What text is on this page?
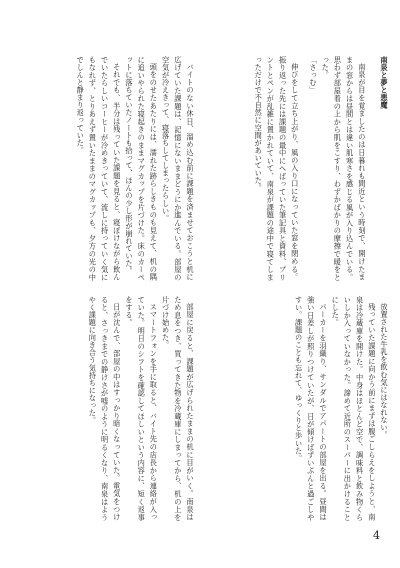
南泉と夢と悪魔
南泉が目を覚ましたのは日暮れも間近という時刻で、開けたままの窓からは昼間とは違い肌寒さを感じる風が入り込んでいる。思わず部屋着の上から肌をこすり、わずかばかりの摩擦で暖をとった。
「さっむ」
伸びをして立ち上がり、風の入り口になっていた窓を閉める。振り返った先には課題の最中にへばっていた筆記具と資料、プリントとペンが乱雑に置かれていて、南泉が課題の途中で寝てしまっただけで不自然に空間があいていた。
バイトのない休日、溜め込む前に課題を済ませておこうと机に広げていた課題は、記憶にないままどうにか進んでいる。部屋の空気が冷えきって、寝落ちしてしまったらしい。
頭をのせたあたりには、濡れた跡らしきものも見えて、机の隅に追いやられた寝起きのままマグカップを片づけた。床のカーペットに落ちていたノートも拾って、ほんの少し形が崩れていた。
それでも、半分は残っていた課題を見ると、寝ぼけながら飲んでいたらしいコーヒーが冷めきっていて、流しに持っていく気にもなれず、とりあえず置いたままのマグカップも、夕方の光の中でしんと静まり返っていた。
放置された牛乳を飲む気にはなれない。
残っていた課題に向かう前にまずは腹ごしらえをしようと、南泉は冷蔵庫を開けた。中身はほとんど空で、調味料と飲み物くらいしか入っていなかった。諦めて近所のスーパーに出かけることにした。
パーカーを羽織り、サンダルでアパートの部屋を出る。昼間は強い日差しが照りつけていたが、日が傾けばずいぶんと過ごしやすい。課題のことも忘れて、ゆっくりと歩いた。
部屋に戻ると、課題が広げられたままの机に目がいく。南泉はため息をつき、買ってきた物を冷蔵庫にしまってから、机の上を片づけ始めた。
スマートフォンを手に取ると、バイト先の店長から連絡が入っていた。明日のシフトを確認してほしいという内容に、短く返事をする。
日が沈んで、部屋の中はすっかり暗くなっていた。電気をつけると、さっきまでの静けさが嘘のように明るくなり、南泉はようやく課題に向き合う気持ちになった。
4
